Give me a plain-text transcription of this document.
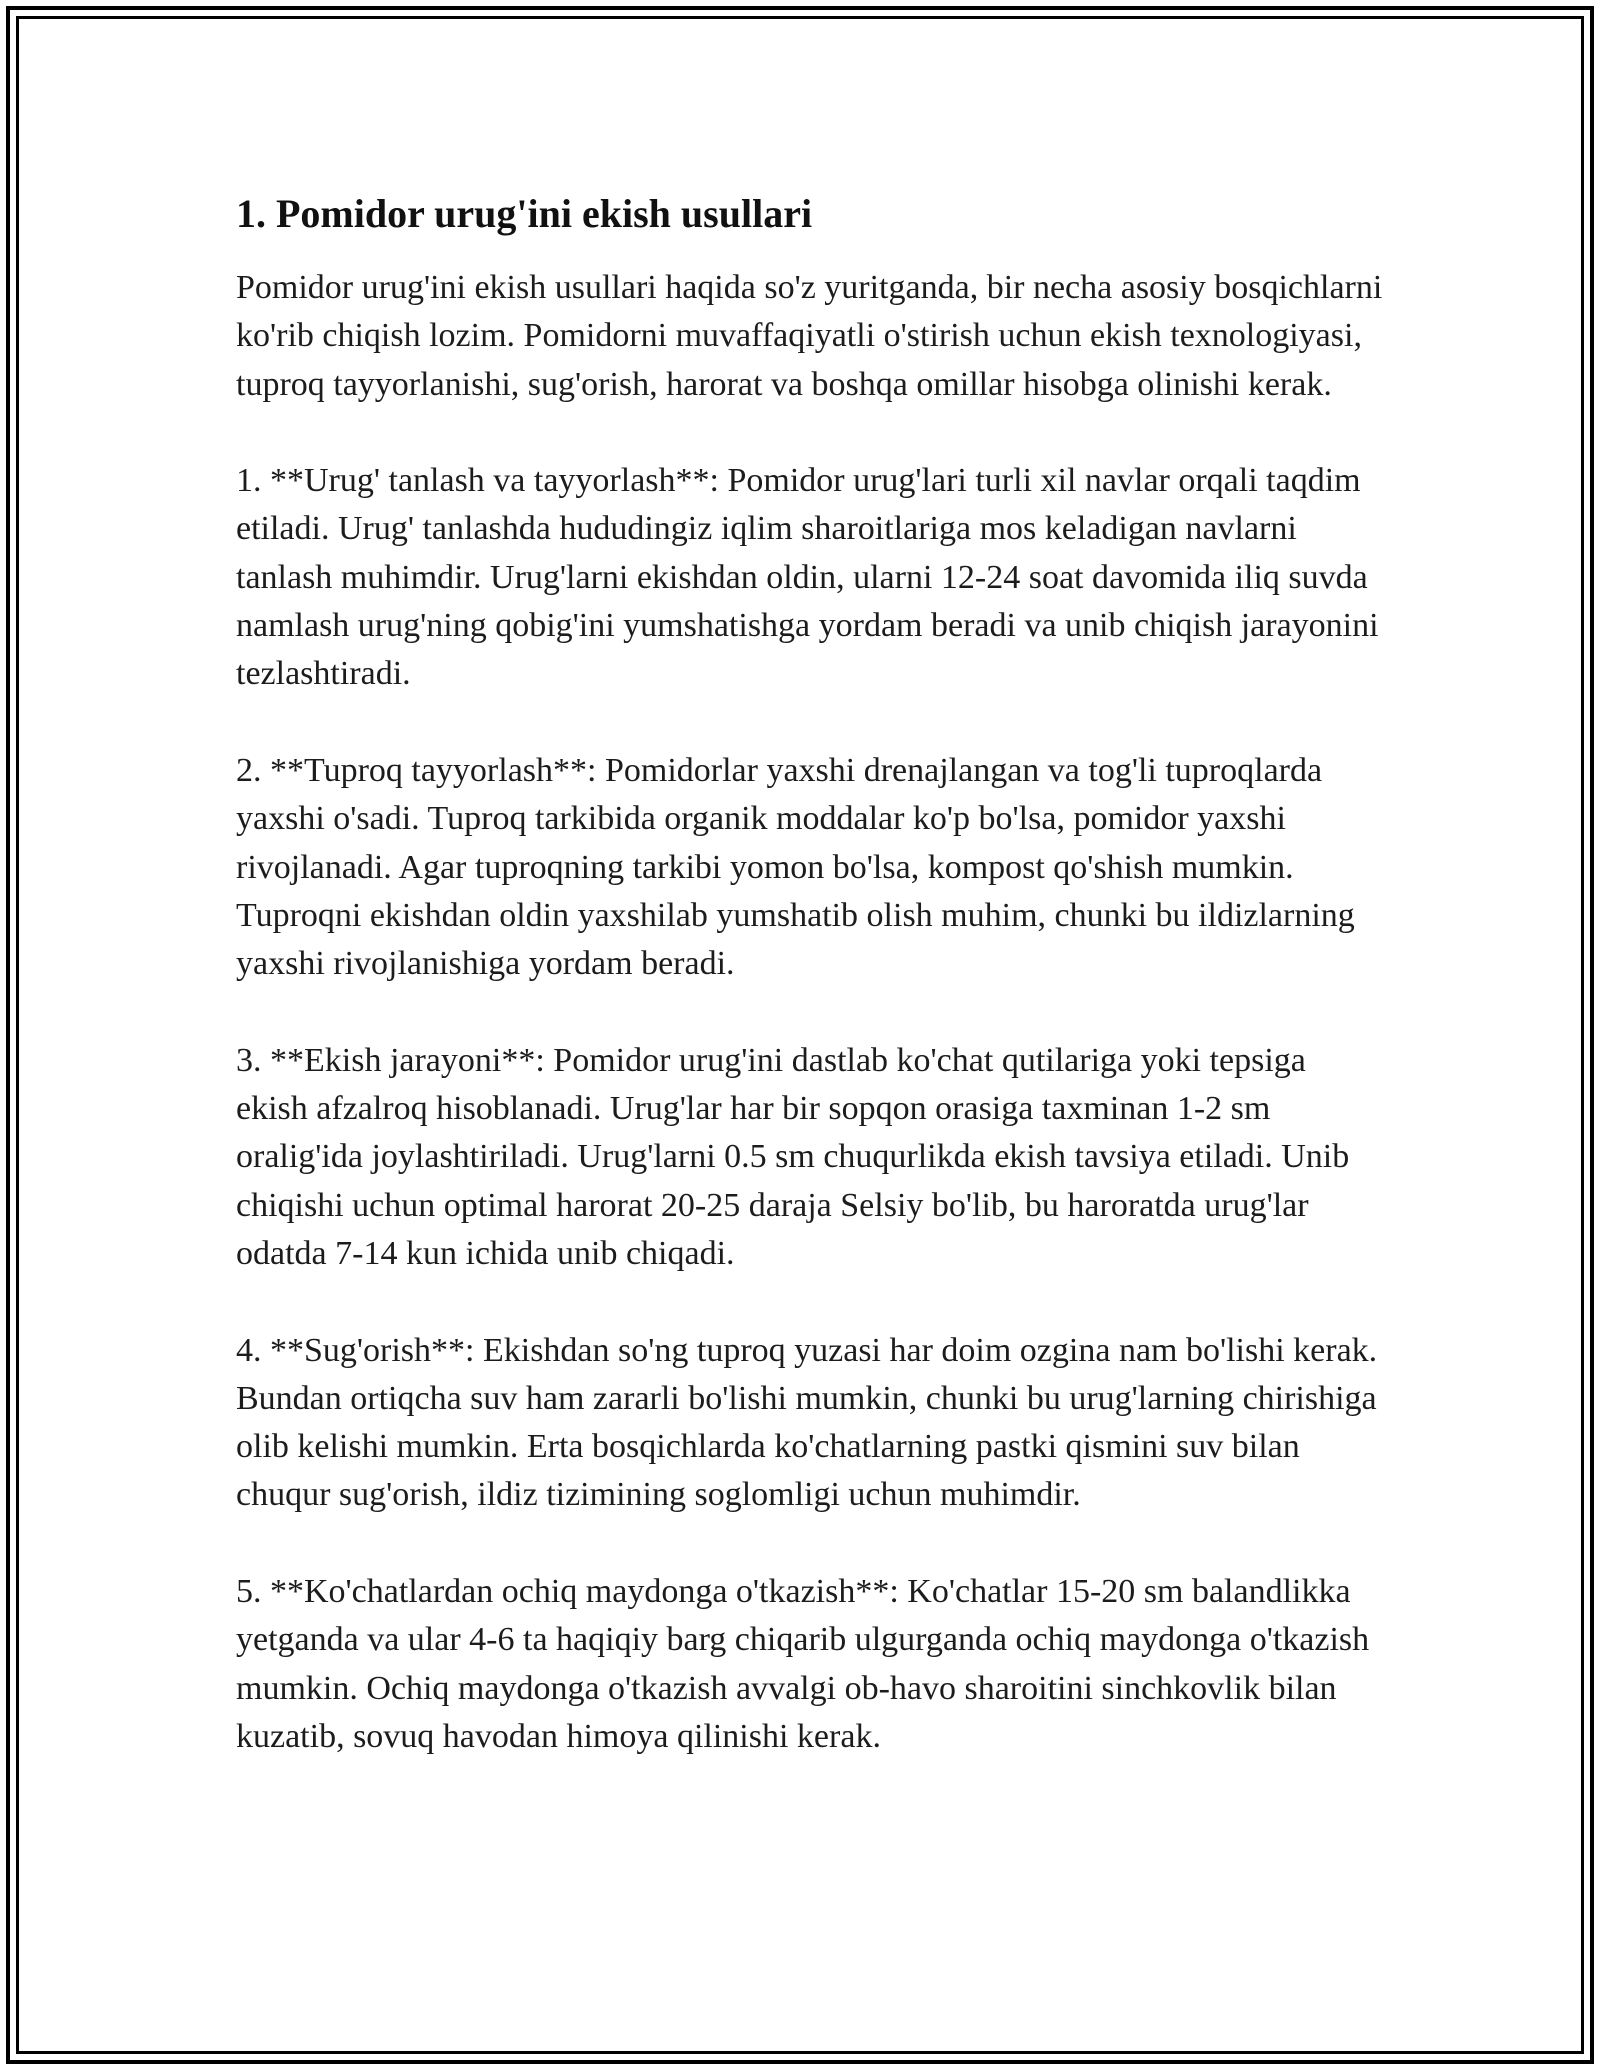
1. Pomidor urug'ini ekish usullari

Pomidor urug'ini ekish usullari haqida so'z yuritganda, bir necha asosiy bosqichlarni ko'rib chiqish lozim. Pomidorni muvaffaqiyatli o'stirish uchun ekish texnologiyasi, tuproq tayyorlanishi, sug'orish, harorat va boshqa omillar hisobga olinishi kerak.

1. **Urug' tanlash va tayyorlash**: Pomidor urug'lari turli xil navlar orqali taqdim etiladi. Urug' tanlashda hududingiz iqlim sharoitlariga mos keladigan navlarni tanlash muhimdir. Urug'larni ekishdan oldin, ularni 12-24 soat davomida iliq suvda namlash urug'ning qobig'ini yumshatishga yordam beradi va unib chiqish jarayonini tezlashtiradi.

2. **Tuproq tayyorlash**: Pomidorlar yaxshi drenajlangan va tog'li tuproqlarda yaxshi o'sadi. Tuproq tarkibida organik moddalar ko'p bo'lsa, pomidor yaxshi rivojlanadi. Agar tuproqning tarkibi yomon bo'lsa, kompost qo'shish mumkin. Tuproqni ekishdan oldin yaxshilab yumshatib olish muhim, chunki bu ildizlarning yaxshi rivojlanishiga yordam beradi.

3. **Ekish jarayoni**: Pomidor urug'ini dastlab ko'chat qutilariga yoki tepsiga ekish afzalroq hisoblanadi. Urug'lar har bir sopqon orasiga taxminan 1-2 sm oralig'ida joylashtiriladi. Urug'larni 0.5 sm chuqurlikda ekish tavsiya etiladi. Unib chiqishi uchun optimal harorat 20-25 daraja Selsiy bo'lib, bu haroratda urug'lar odatda 7-14 kun ichida unib chiqadi.

4. **Sug'orish**: Ekishdan so'ng tuproq yuzasi har doim ozgina nam bo'lishi kerak. Bundan ortiqcha suv ham zararli bo'lishi mumkin, chunki bu urug'larning chirishiga olib kelishi mumkin. Erta bosqichlarda ko'chatlarning pastki qismini suv bilan chuqur sug'orish, ildiz tizimining soglomligi uchun muhimdir.

5. **Ko'chatlardan ochiq maydonga o'tkazish**: Ko'chatlar 15-20 sm balandlikka yetganda va ular 4-6 ta haqiqiy barg chiqarib ulgurganda ochiq maydonga o'tkazish mumkin. Ochiq maydonga o'tkazish avvalgi ob-havo sharoitini sinchkovlik bilan kuzatib, sovuq havodan himoya qilinishi kerak.
